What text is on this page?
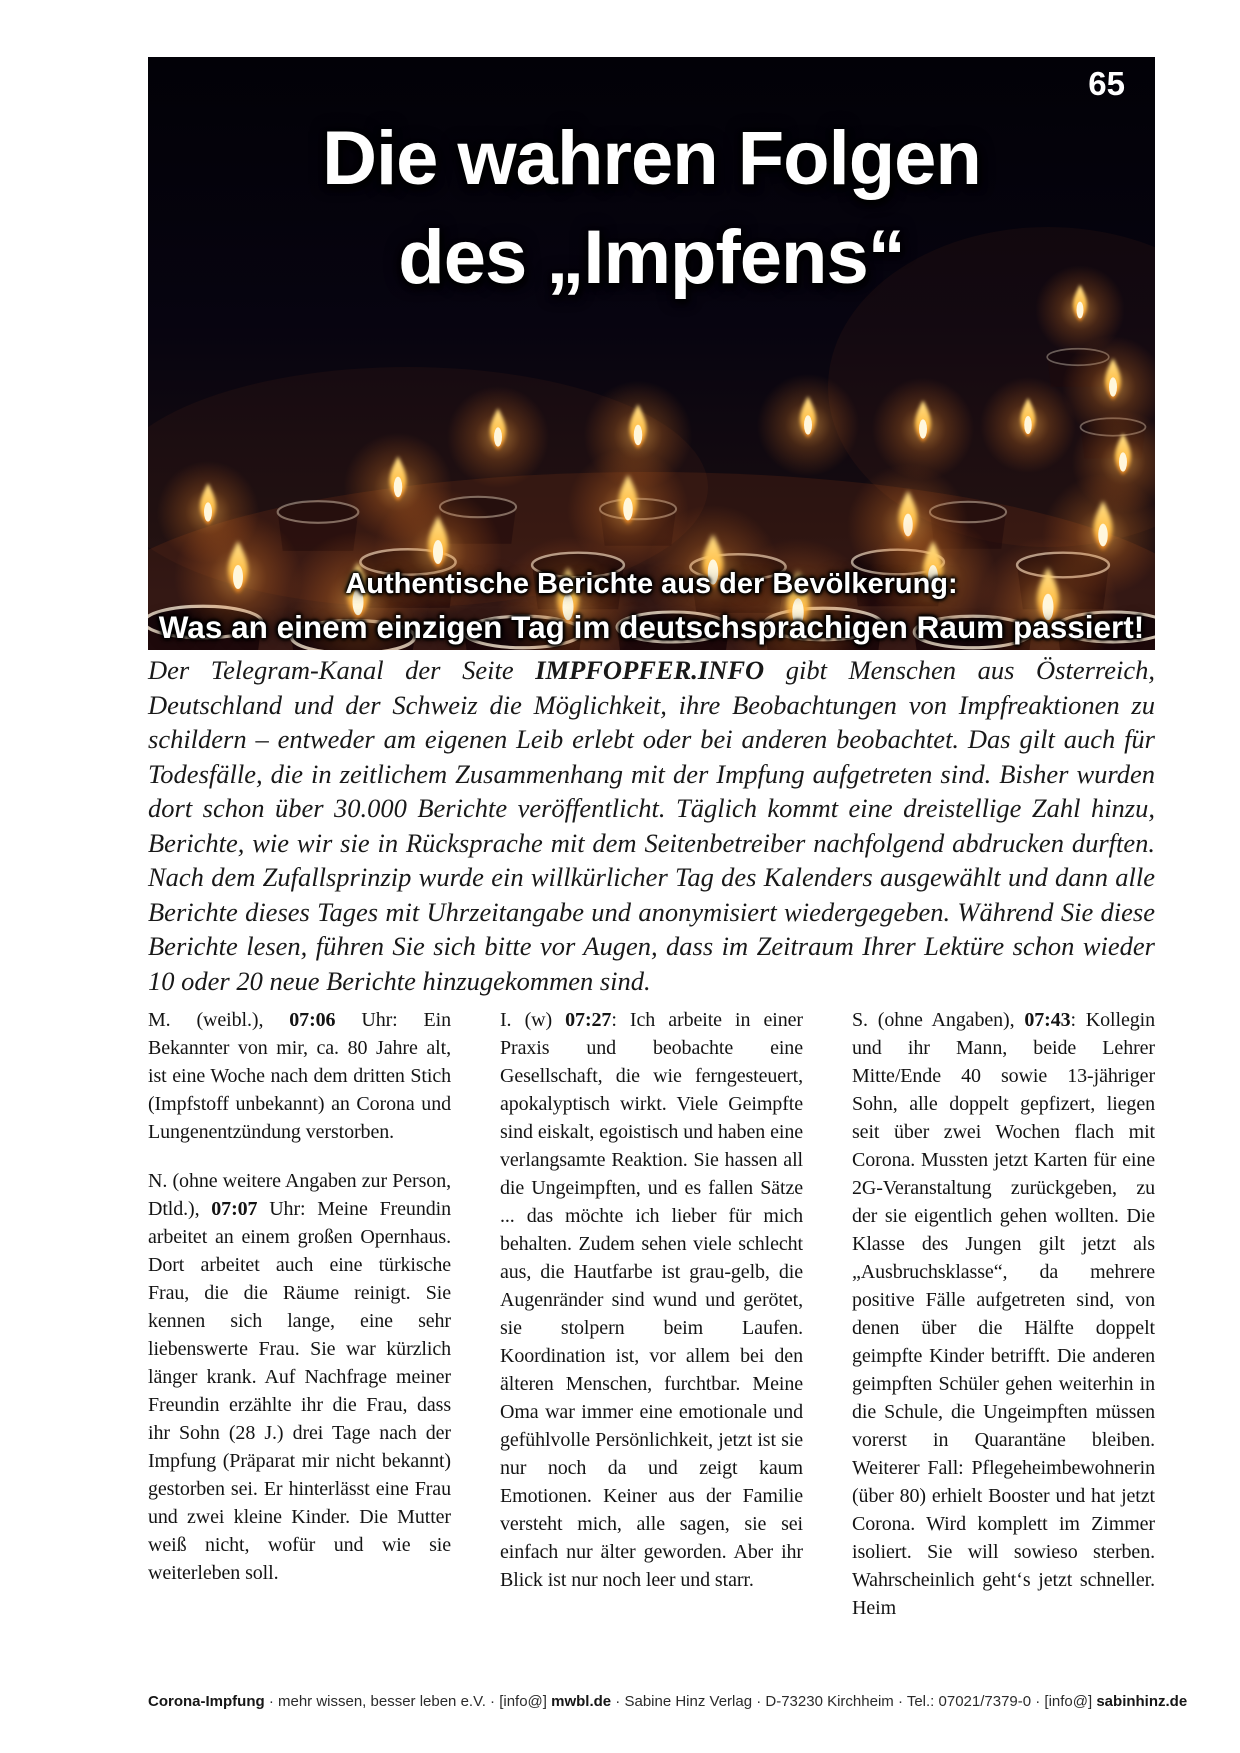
65
Die wahren Folgen
des „Impfens“
Authentische Berichte aus der Bevölkerung:
Was an einem einzigen Tag im deutschsprachigen Raum passiert!

Der Telegram-Kanal der Seite IMPFOPFER.INFO gibt Menschen aus Österreich, Deutschland und der Schweiz die Möglichkeit, ihre Beobachtungen von Impfreaktionen zu schildern – entweder am eigenen Leib erlebt oder bei anderen beobachtet. Das gilt auch für Todesfälle, die in zeitlichem Zusammenhang mit der Impfung aufgetreten sind. Bisher wurden dort schon über 30.000 Berichte veröffentlicht. Täglich kommt eine dreistellige Zahl hinzu, Berichte, wie wir sie in Rücksprache mit dem Seitenbetreiber nachfolgend abdrucken durften. Nach dem Zufallsprinzip wurde ein willkürlicher Tag des Kalenders ausgewählt und dann alle Berichte dieses Tages mit Uhrzeitangabe und anonymisiert wiedergegeben. Während Sie diese Berichte lesen, führen Sie sich bitte vor Augen, dass im Zeitraum Ihrer Lektüre schon wieder 10 oder 20 neue Berichte hinzugekommen sind.

M. (weibl.), 07:06 Uhr: Ein Bekannter von mir, ca. 80 Jahre alt, ist eine Woche nach dem dritten Stich (Impfstoff unbekannt) an Corona und Lungenentzündung verstorben.

N. (ohne weitere Angaben zur Person, Dtld.), 07:07 Uhr: Meine Freundin arbeitet an einem großen Opernhaus. Dort arbeitet auch eine türkische Frau, die die Räume reinigt. Sie kennen sich lange, eine sehr liebenswerte Frau. Sie war kürzlich länger krank. Auf Nachfrage meiner Freundin erzählte ihr die Frau, dass ihr Sohn (28 J.) drei Tage nach der Impfung (Präparat mir nicht bekannt) gestorben sei. Er hinterlässt eine Frau und zwei kleine Kinder. Die Mutter weiß nicht, wofür und wie sie weiterleben soll.

I. (w) 07:27: Ich arbeite in einer Praxis und beobachte eine Gesellschaft, die wie ferngesteuert, apokalyptisch wirkt. Viele Geimpfte sind eiskalt, egoistisch und haben eine verlangsamte Reaktion. Sie hassen all die Ungeimpften, und es fallen Sätze ... das möchte ich lieber für mich behalten. Zudem sehen viele schlecht aus, die Hautfarbe ist grau-gelb, die Augenränder sind wund und gerötet, sie stolpern beim Laufen. Koordination ist, vor allem bei den älteren Menschen, furchtbar. Meine Oma war immer eine emotionale und gefühlvolle Persönlichkeit, jetzt ist sie nur noch da und zeigt kaum Emotionen. Keiner aus der Familie versteht mich, alle sagen, sie sei einfach nur älter geworden. Aber ihr Blick ist nur noch leer und starr.

S. (ohne Angaben), 07:43: Kollegin und ihr Mann, beide Lehrer Mitte/Ende 40 sowie 13-jähriger Sohn, alle doppelt gepfizert, liegen seit über zwei Wochen flach mit Corona. Mussten jetzt Karten für eine 2G-Veranstaltung zurückgeben, zu der sie eigentlich gehen wollten. Die Klasse des Jungen gilt jetzt als „Ausbruchsklasse“, da mehrere positive Fälle aufgetreten sind, von denen über die Hälfte doppelt geimpfte Kinder betrifft. Die anderen geimpften Schüler gehen weiterhin in die Schule, die Ungeimpften müssen vorerst in Quarantäne bleiben. Weiterer Fall: Pflegeheimbewohnerin (über 80) erhielt Booster und hat jetzt Corona. Wird komplett im Zimmer isoliert. Sie will sowieso sterben. Wahrscheinlich geht‘s jetzt schneller. Heim

Corona-Impfung · mehr wissen, besser leben e.V. · [info@] mwbl.de · Sabine Hinz Verlag · D-73230 Kirchheim · Tel.: 07021/7379-0 · [info@] sabinhinz.de
